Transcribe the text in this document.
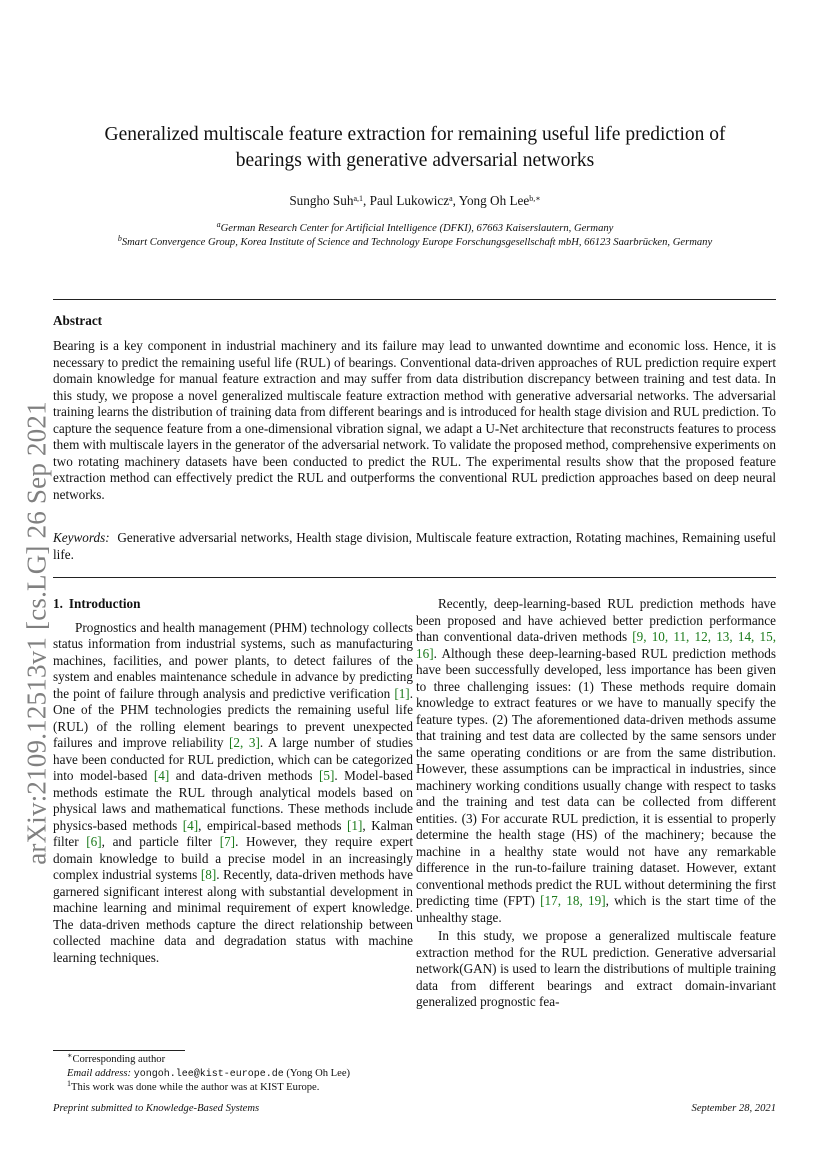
arXiv:2109.12513v1 [cs.LG] 26 Sep 2021
Generalized multiscale feature extraction for remaining useful life prediction of
bearings with generative adversarial networks
Sungho Suh$^{a,1}$, Paul Lukowicz$^a$, Yong Oh Lee$^{b,∗}$
$^a$German Research Center for Artificial Intelligence (DFKI), 67663 Kaiserslautern, Germany
$^b$Smart Convergence Group, Korea Institute of Science and Technology Europe Forschungsgesellschaft mbH, 66123 Saarbrücken, Germany
Abstract
Bearing is a key component in industrial machinery and its failure may lead to unwanted downtime and economic loss. Hence, it is necessary to predict the remaining useful life (RUL) of bearings. Conventional data-driven approaches of RUL prediction require expert domain knowledge for manual feature extraction and may suffer from data distribution discrepancy between training and test data. In this study, we propose a novel generalized multiscale feature extraction method with generative adversarial networks. The adversarial training learns the distribution of training data from different bearings and is introduced for health stage division and RUL prediction. To capture the sequence feature from a one-dimensional vibration signal, we adapt a U-Net architecture that reconstructs features to process them with multiscale layers in the generator of the adversarial network. To validate the proposed method, comprehensive experiments on two rotating machinery datasets have been conducted to predict the RUL. The experimental results show that the proposed feature extraction method can effectively predict the RUL and outperforms the conventional RUL prediction approaches based on deep neural networks.
Keywords: Generative adversarial networks, Health stage division, Multiscale feature extraction, Rotating machines, Remaining useful life.
1. Introduction

Prognostics and health management (PHM) technology collects status information from industrial systems, such as manufacturing machines, facilities, and power plants, to detect failures of the system and enables maintenance schedule in advance by predicting the point of failure through analysis and predictive verification [1]. One of the PHM technologies predicts the remaining useful life (RUL) of the rolling element bearings to prevent unexpected failures and improve reliability [2, 3]. A large number of studies have been conducted for RUL prediction, which can be categorized into model-based [4] and data-driven methods [5]. Model-based methods estimate the RUL through analytical models based on physical laws and mathematical functions. These methods include physics-based methods [4], empirical-based methods [1], Kalman filter [6], and particle filter [7]. However, they require expert domain knowledge to build a precise model in an increasingly complex industrial systems [8]. Recently, data-driven methods have garnered significant interest along with substantial development in machine learning and minimal requirement of expert knowledge. The data-driven methods capture the direct relationship between collected machine data and degradation status with machine learning techniques.

Recently, deep-learning-based RUL prediction methods have been proposed and have achieved better prediction performance than conventional data-driven methods [9, 10, 11, 12, 13, 14, 15, 16]. Although these deep-learning-based RUL prediction methods have been successfully developed, less importance has been given to three challenging issues: (1) These methods require domain knowledge to extract features or we have to manually specify the feature types. (2) The aforementioned data-driven methods assume that training and test data are collected by the same sensors under the same operating conditions or are from the same distribution. However, these assumptions can be impractical in industries, since machinery working conditions usually change with respect to tasks and the training and test data can be collected from different entities. (3) For accurate RUL prediction, it is essential to properly determine the health stage (HS) of the machinery; because the machine in a healthy state would not have any remarkable difference in the run-to-failure training dataset. However, extant conventional methods predict the RUL without determining the first predicting time (FPT) [17, 18, 19], which is the start time of the unhealthy stage.

In this study, we propose a generalized multiscale feature extraction method for the RUL prediction. Generative adversarial network(GAN) is used to learn the distributions of multiple training data from different bearings and extract domain-invariant generalized prognostic fea-

∗Corresponding author
Email address: yongoh.lee@kist-europe.de (Yong Oh Lee)
$^1$This work was done while the author was at KIST Europe.
Preprint submitted to Knowledge-Based Systems	September 28, 2021
